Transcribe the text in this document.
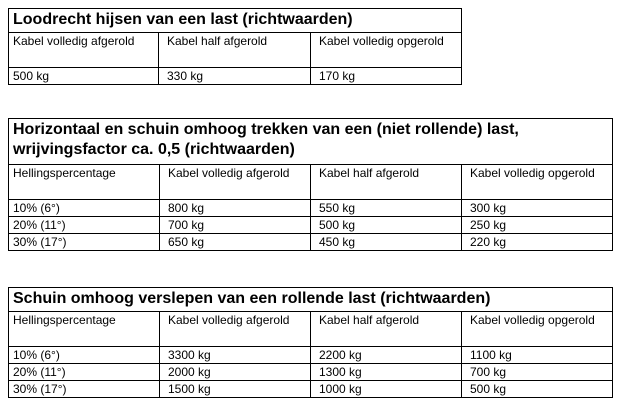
Loodrecht hijsen van een last (richtwaarden)		
Kabel volledig afgerold	Kabel half afgerold	Kabel volledig opgerold
500 kg	330 kg	170 kg
Horizontaal en schuin omhoog trekken van een (niet rollende) last, wrijvingsfactor ca. 0,5 (richtwaarden)			
Hellingspercentage	Kabel volledig afgerold	Kabel half afgerold	Kabel volledig opgerold
10% (6°)	800 kg	550 kg	300 kg
20% (11°)	700 kg	500 kg	250 kg
30% (17°)	650 kg	450 kg	220 kg
Schuin omhoog verslepen van een rollende last (richtwaarden)			
Hellingspercentage	Kabel volledig afgerold	Kabel half afgerold	Kabel volledig opgerold
10% (6°)	3300 kg	2200 kg	1100 kg
20% (11°)	2000 kg	1300 kg	700 kg
30% (17°)	1500 kg	1000 kg	500 kg
